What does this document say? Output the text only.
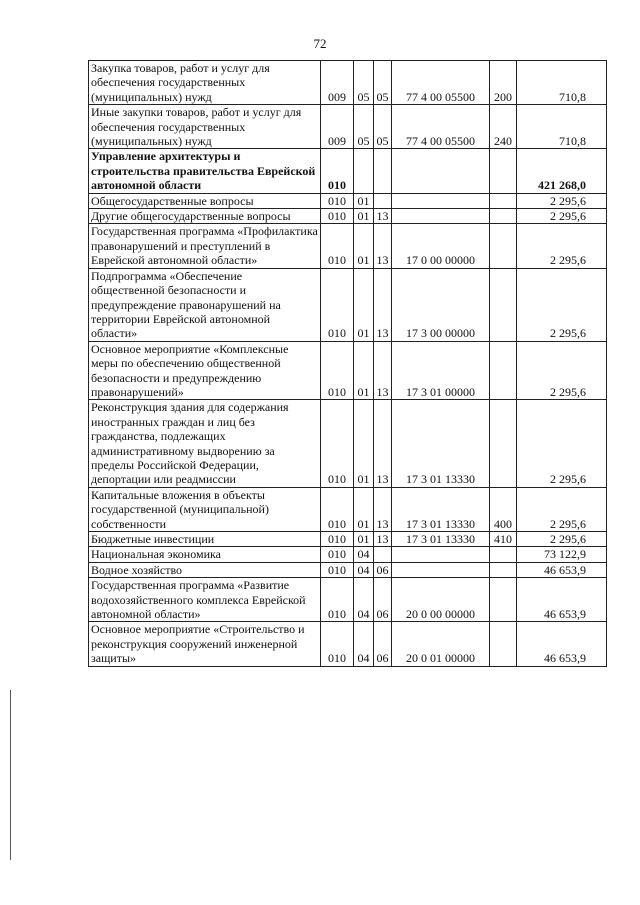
72
Закупка товаров, работ и услуг для обеспечения государственных (муниципальных) нужд	009	05	05	77 4 00 05500	200	710,8
Иные закупки товаров, работ и услуг для обеспечения государственных (муниципальных) нужд	009	05	05	77 4 00 05500	240	710,8
Управление архитектуры и строительства правительства Еврейской автономной области	010					421 268,0
Общегосударственные вопросы	010	01				2 295,6
Другие общегосударственные вопросы	010	01	13			2 295,6
Государственная программа «Профилактика правонарушений и преступлений в Еврейской автономной области»	010	01	13	17 0 00 00000		2 295,6
Подпрограмма «Обеспечение общественной безопасности и предупреждение правонарушений на территории Еврейской автономной области»	010	01	13	17 3 00 00000		2 295,6
Основное мероприятие «Комплексные меры по обеспечению общественной безопасности и предупреждению правонарушений»	010	01	13	17 3 01 00000		2 295,6
Реконструкция здания для содержания иностранных граждан и лиц без гражданства, подлежащих административному выдворению за пределы Российской Федерации, депортации или реадмиссии	010	01	13	17 3 01 13330		2 295,6
Капитальные вложения в объекты государственной (муниципальной) собственности	010	01	13	17 3 01 13330	400	2 295,6
Бюджетные инвестиции	010	01	13	17 3 01 13330	410	2 295,6
Национальная экономика	010	04				73 122,9
Водное хозяйство	010	04	06			46 653,9
Государственная программа «Развитие водохозяйственного комплекса Еврейской автономной области»	010	04	06	20 0 00 00000		46 653,9
Основное мероприятие «Строительство и реконструкция сооружений инженерной защиты»	010	04	06	20 0 01 00000		46 653,9
